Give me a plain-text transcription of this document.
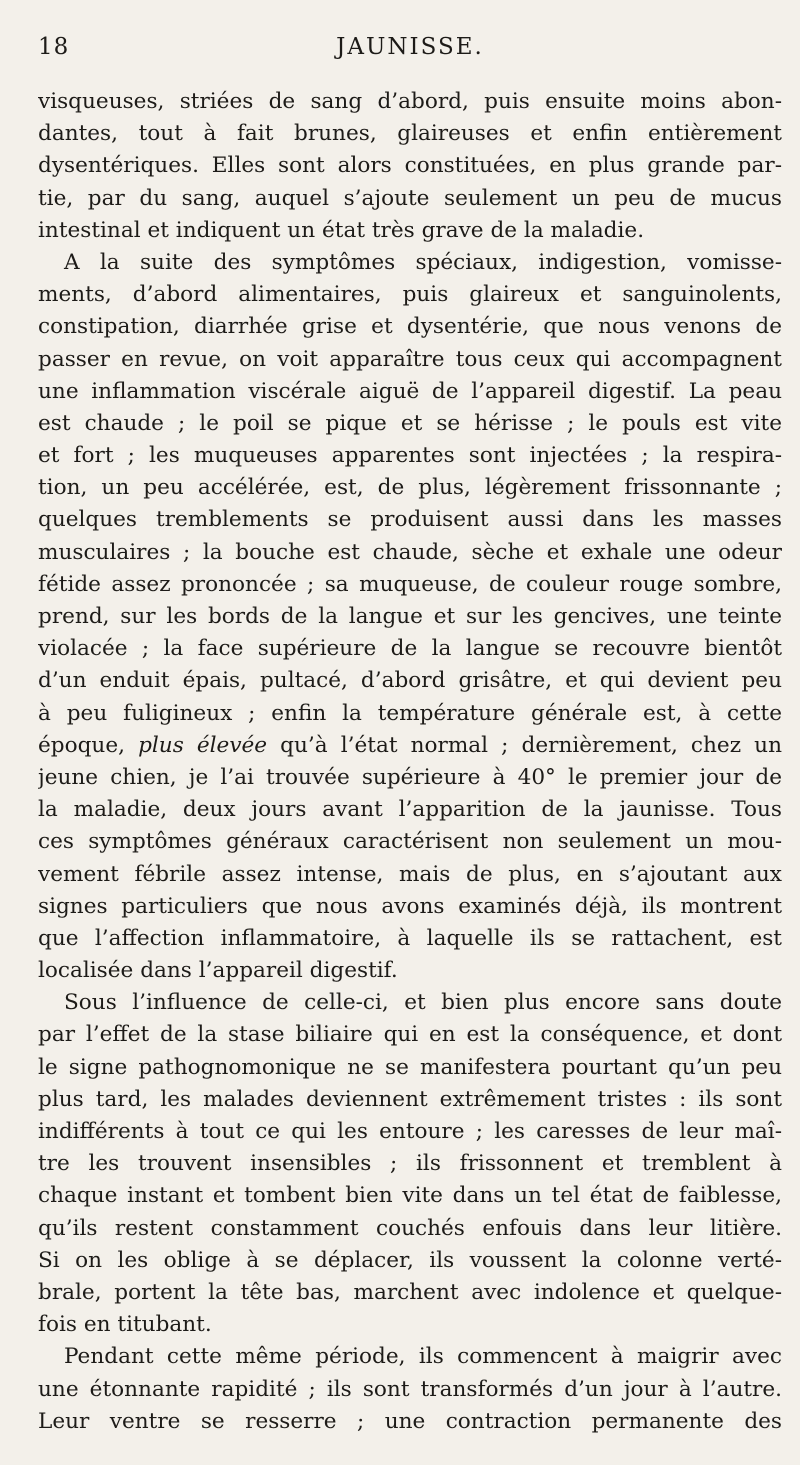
18	JAUNISSE.
visqueuses, striées de sang d’abord, puis ensuite moins abon-
dantes, tout à fait brunes, glaireuses et enfin entièrement
dysentériques. Elles sont alors constituées, en plus grande par-
tie, par du sang, auquel s’ajoute seulement un peu de mucus
intestinal et indiquent un état très grave de la maladie.
A la suite des symptômes spéciaux, indigestion, vomisse-
ments, d’abord alimentaires, puis glaireux et sanguinolents,
constipation, diarrhée grise et dysentérie, que nous venons de
passer en revue, on voit apparaître tous ceux qui accompagnent
une inflammation viscérale aiguë de l’appareil digestif. La peau
est chaude ; le poil se pique et se hérisse ; le pouls est vite
et fort ; les muqueuses apparentes sont injectées ; la respira-
tion, un peu accélérée, est, de plus, légèrement frissonnante ;
quelques tremblements se produisent aussi dans les masses
musculaires ; la bouche est chaude, sèche et exhale une odeur
fétide assez prononcée ; sa muqueuse, de couleur rouge sombre,
prend, sur les bords de la langue et sur les gencives, une teinte
violacée ; la face supérieure de la langue se recouvre bientôt
d’un enduit épais, pultacé, d’abord grisâtre, et qui devient peu
à peu fuligineux ; enfin la température générale est, à cette
époque, plus élevée qu’à l’état normal ; dernièrement, chez un
jeune chien, je l’ai trouvée supérieure à 40° le premier jour de
la maladie, deux jours avant l’apparition de la jaunisse. Tous
ces symptômes généraux caractérisent non seulement un mou-
vement fébrile assez intense, mais de plus, en s’ajoutant aux
signes particuliers que nous avons examinés déjà, ils montrent
que l’affection inflammatoire, à laquelle ils se rattachent, est
localisée dans l’appareil digestif.
Sous l’influence de celle-ci, et bien plus encore sans doute
par l’effet de la stase biliaire qui en est la conséquence, et dont
le signe pathognomonique ne se manifestera pourtant qu’un peu
plus tard, les malades deviennent extrêmement tristes : ils sont
indifférents à tout ce qui les entoure ; les caresses de leur maî-
tre les trouvent insensibles ; ils frissonnent et tremblent à
chaque instant et tombent bien vite dans un tel état de faiblesse,
qu’ils restent constamment couchés enfouis dans leur litière.
Si on les oblige à se déplacer, ils voussent la colonne verté-
brale, portent la tête bas, marchent avec indolence et quelque-
fois en titubant.
Pendant cette même période, ils commencent à maigrir avec
une étonnante rapidité ; ils sont transformés d’un jour à l’autre.
Leur ventre se resserre ; une contraction permanente des
